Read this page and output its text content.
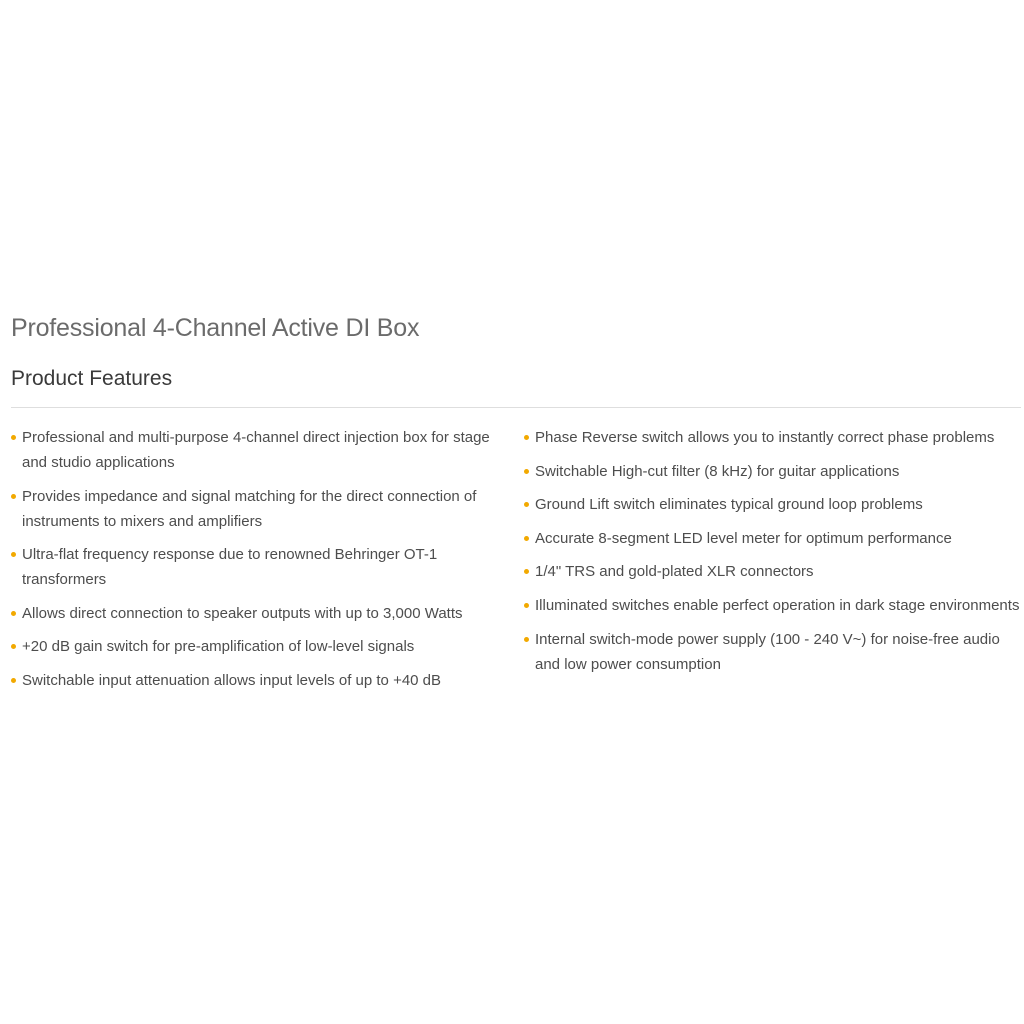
Professional 4-Channel Active DI Box
Product Features
Professional and multi-purpose 4-channel direct injection box for stage and studio applications
Provides impedance and signal matching for the direct connection of instruments to mixers and amplifiers
Ultra-flat frequency response due to renowned Behringer OT-1 transformers
Allows direct connection to speaker outputs with up to 3,000 Watts
+20 dB gain switch for pre-amplification of low-level signals
Switchable input attenuation allows input levels of up to +40 dB
Phase Reverse switch allows you to instantly correct phase problems
Switchable High-cut filter (8 kHz) for guitar applications
Ground Lift switch eliminates typical ground loop problems
Accurate 8-segment LED level meter for optimum performance
1/4" TRS and gold-plated XLR connectors
Illuminated switches enable perfect operation in dark stage environments
Internal switch-mode power supply (100 - 240 V~) for noise-free audio and low power consumption
